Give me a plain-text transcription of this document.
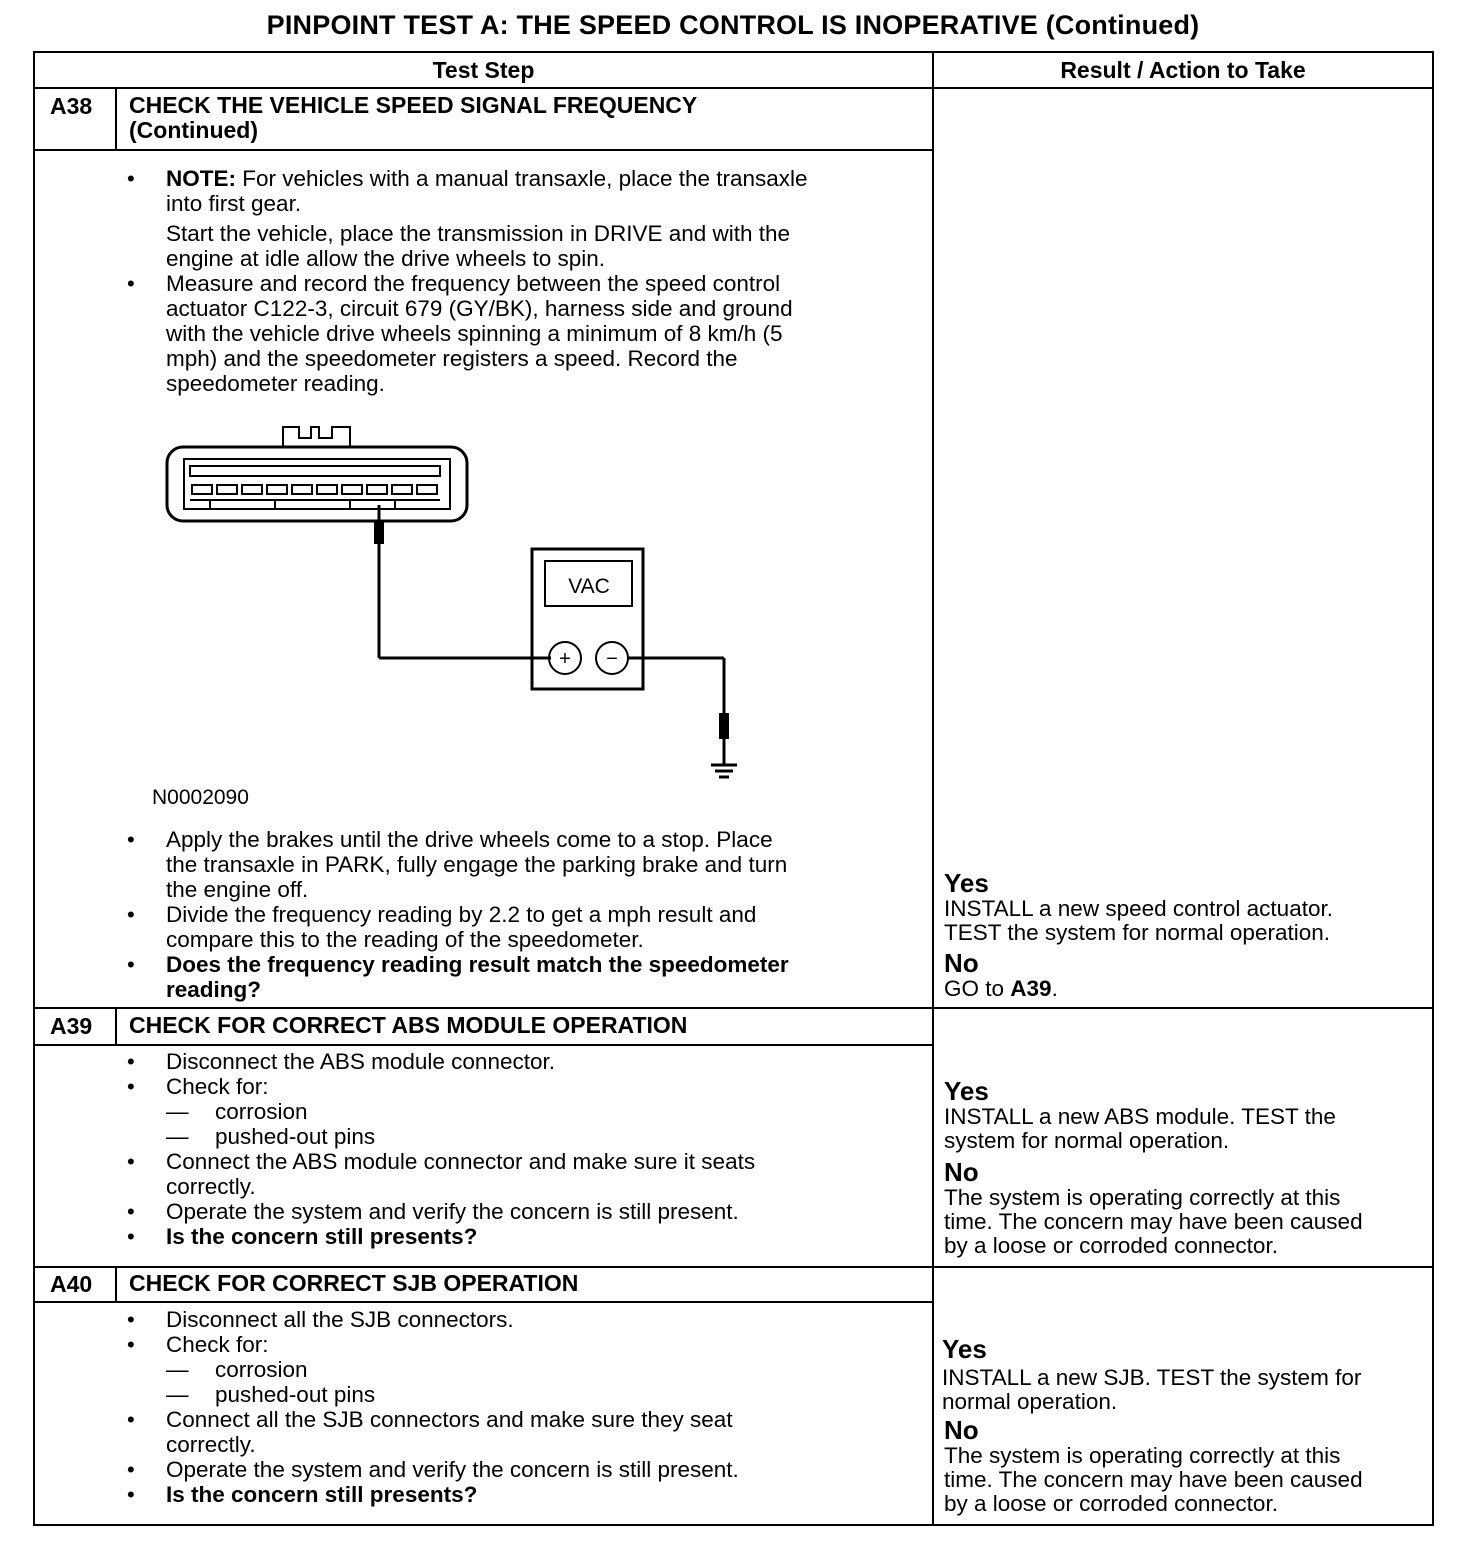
PINPOINT TEST A: THE SPEED CONTROL IS INOPERATIVE (Continued)
Test Step	Result / Action to Take
A38 CHECK THE VEHICLE SPEED SIGNAL FREQUENCY
(Continued)
• NOTE: For vehicles with a manual transaxle, place the transaxle
into first gear.
Start the vehicle, place the transmission in DRIVE and with the
engine at idle allow the drive wheels to spin.
• Measure and record the frequency between the speed control
actuator C122-3, circuit 679 (GY/BK), harness side and ground
with the vehicle drive wheels spinning a minimum of 8 km/h (5
mph) and the speedometer registers a speed. Record the
speedometer reading.
VAC
+ −
N0002090
• Apply the brakes until the drive wheels come to a stop. Place
the transaxle in PARK, fully engage the parking brake and turn
the engine off.
• Divide the frequency reading by 2.2 to get a mph result and
compare this to the reading of the speedometer.
• Does the frequency reading result match the speedometer
reading?
Yes
INSTALL a new speed control actuator.
TEST the system for normal operation.
No
GO to A39.
A39 CHECK FOR CORRECT ABS MODULE OPERATION
• Disconnect the ABS module connector.
• Check for:
— corrosion
— pushed-out pins
• Connect the ABS module connector and make sure it seats
correctly.
• Operate the system and verify the concern is still present.
• Is the concern still presents?
Yes
INSTALL a new ABS module. TEST the
system for normal operation.
No
The system is operating correctly at this
time. The concern may have been caused
by a loose or corroded connector.
A40 CHECK FOR CORRECT SJB OPERATION
• Disconnect all the SJB connectors.
• Check for:
— corrosion
— pushed-out pins
• Connect all the SJB connectors and make sure they seat
correctly.
• Operate the system and verify the concern is still present.
• Is the concern still presents?
Yes
INSTALL a new SJB. TEST the system for
normal operation.
No
The system is operating correctly at this
time. The concern may have been caused
by a loose or corroded connector.
